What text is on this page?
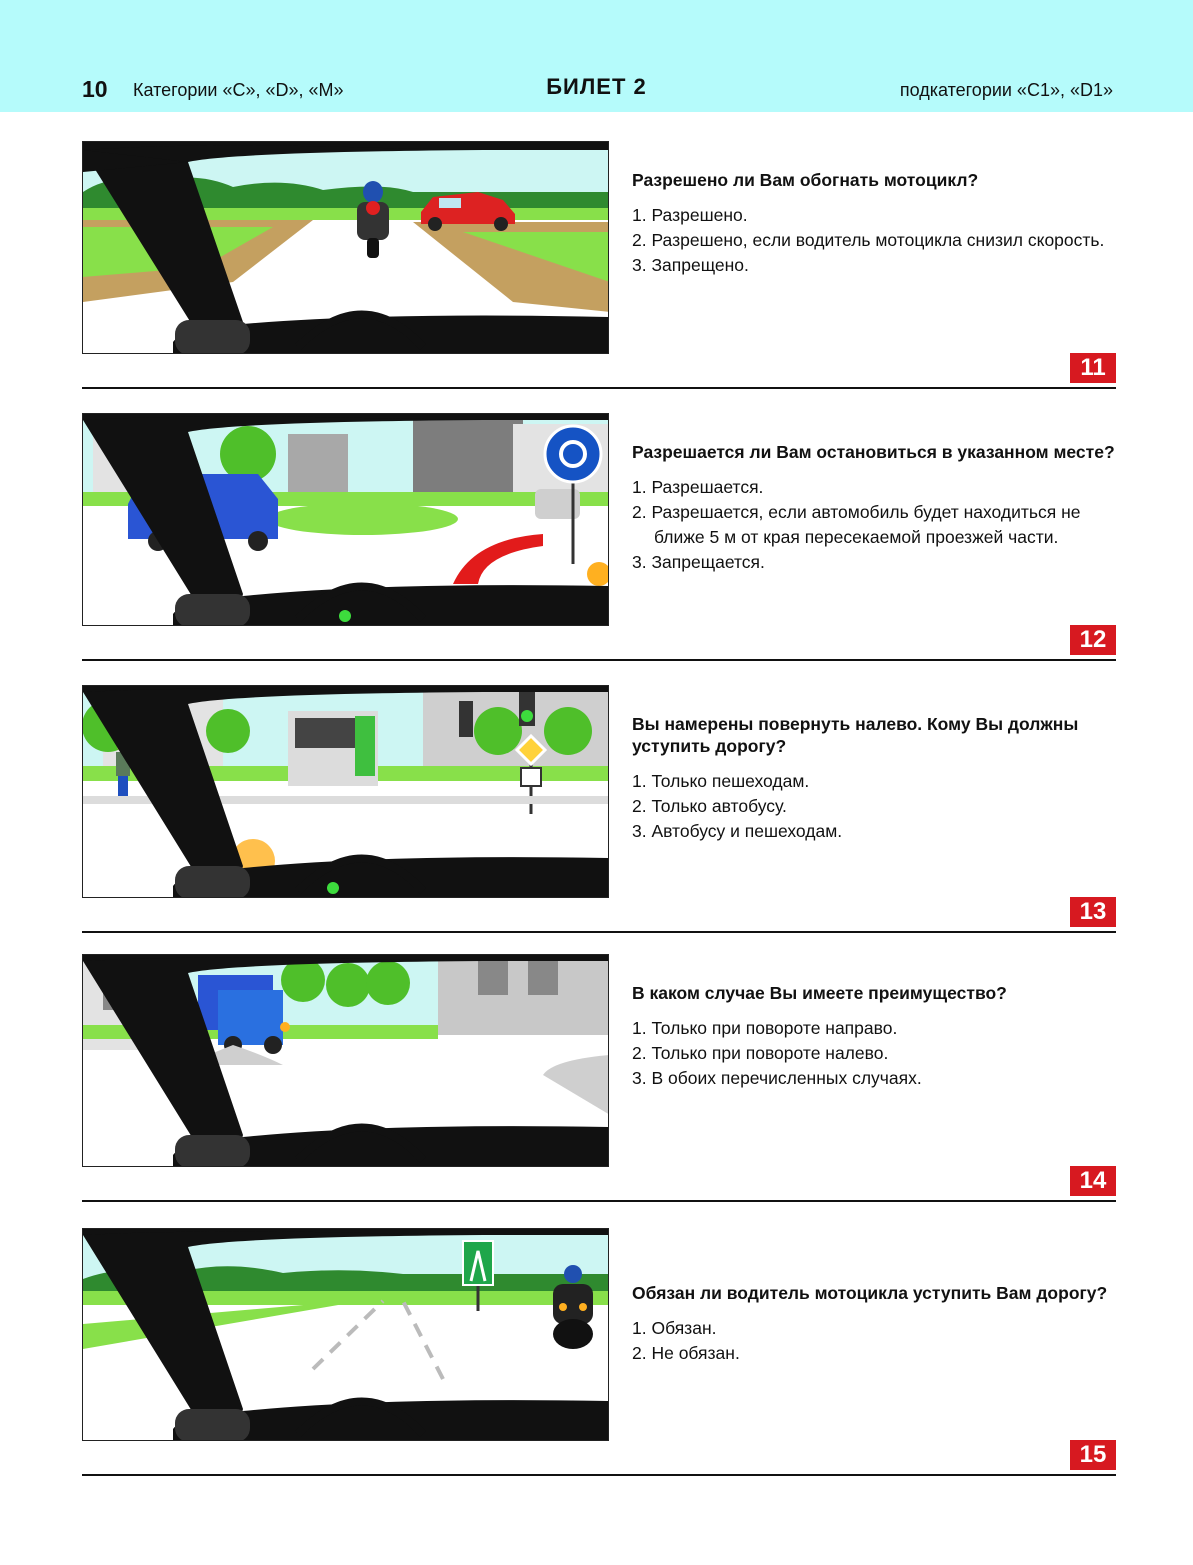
10 Категории «C», «D», «M»	БИЛЕТ 2	подкатегории «C1», «D1»
Разрешено ли Вам обогнать мотоцикл?
1. Разрешено.
2. Разрешено, если водитель мотоцикла снизил скорость.
3. Запрещено.
11
Разрешается ли Вам остановиться в указанном месте?
1. Разрешается.
2. Разрешается, если автомобиль будет находиться не ближе 5 м от края пересекаемой проезжей части.
3. Запрещается.
12
Вы намерены повернуть налево. Кому Вы должны уступить дорогу?
1. Только пешеходам.
2. Только автобусу.
3. Автобусу и пешеходам.
13
В каком случае Вы имеете преимущество?
1. Только при повороте направо.
2. Только при повороте налево.
3. В обоих перечисленных случаях.
14
Обязан ли водитель мотоцикла уступить Вам дорогу?
1. Обязан.
2. Не обязан.
15
